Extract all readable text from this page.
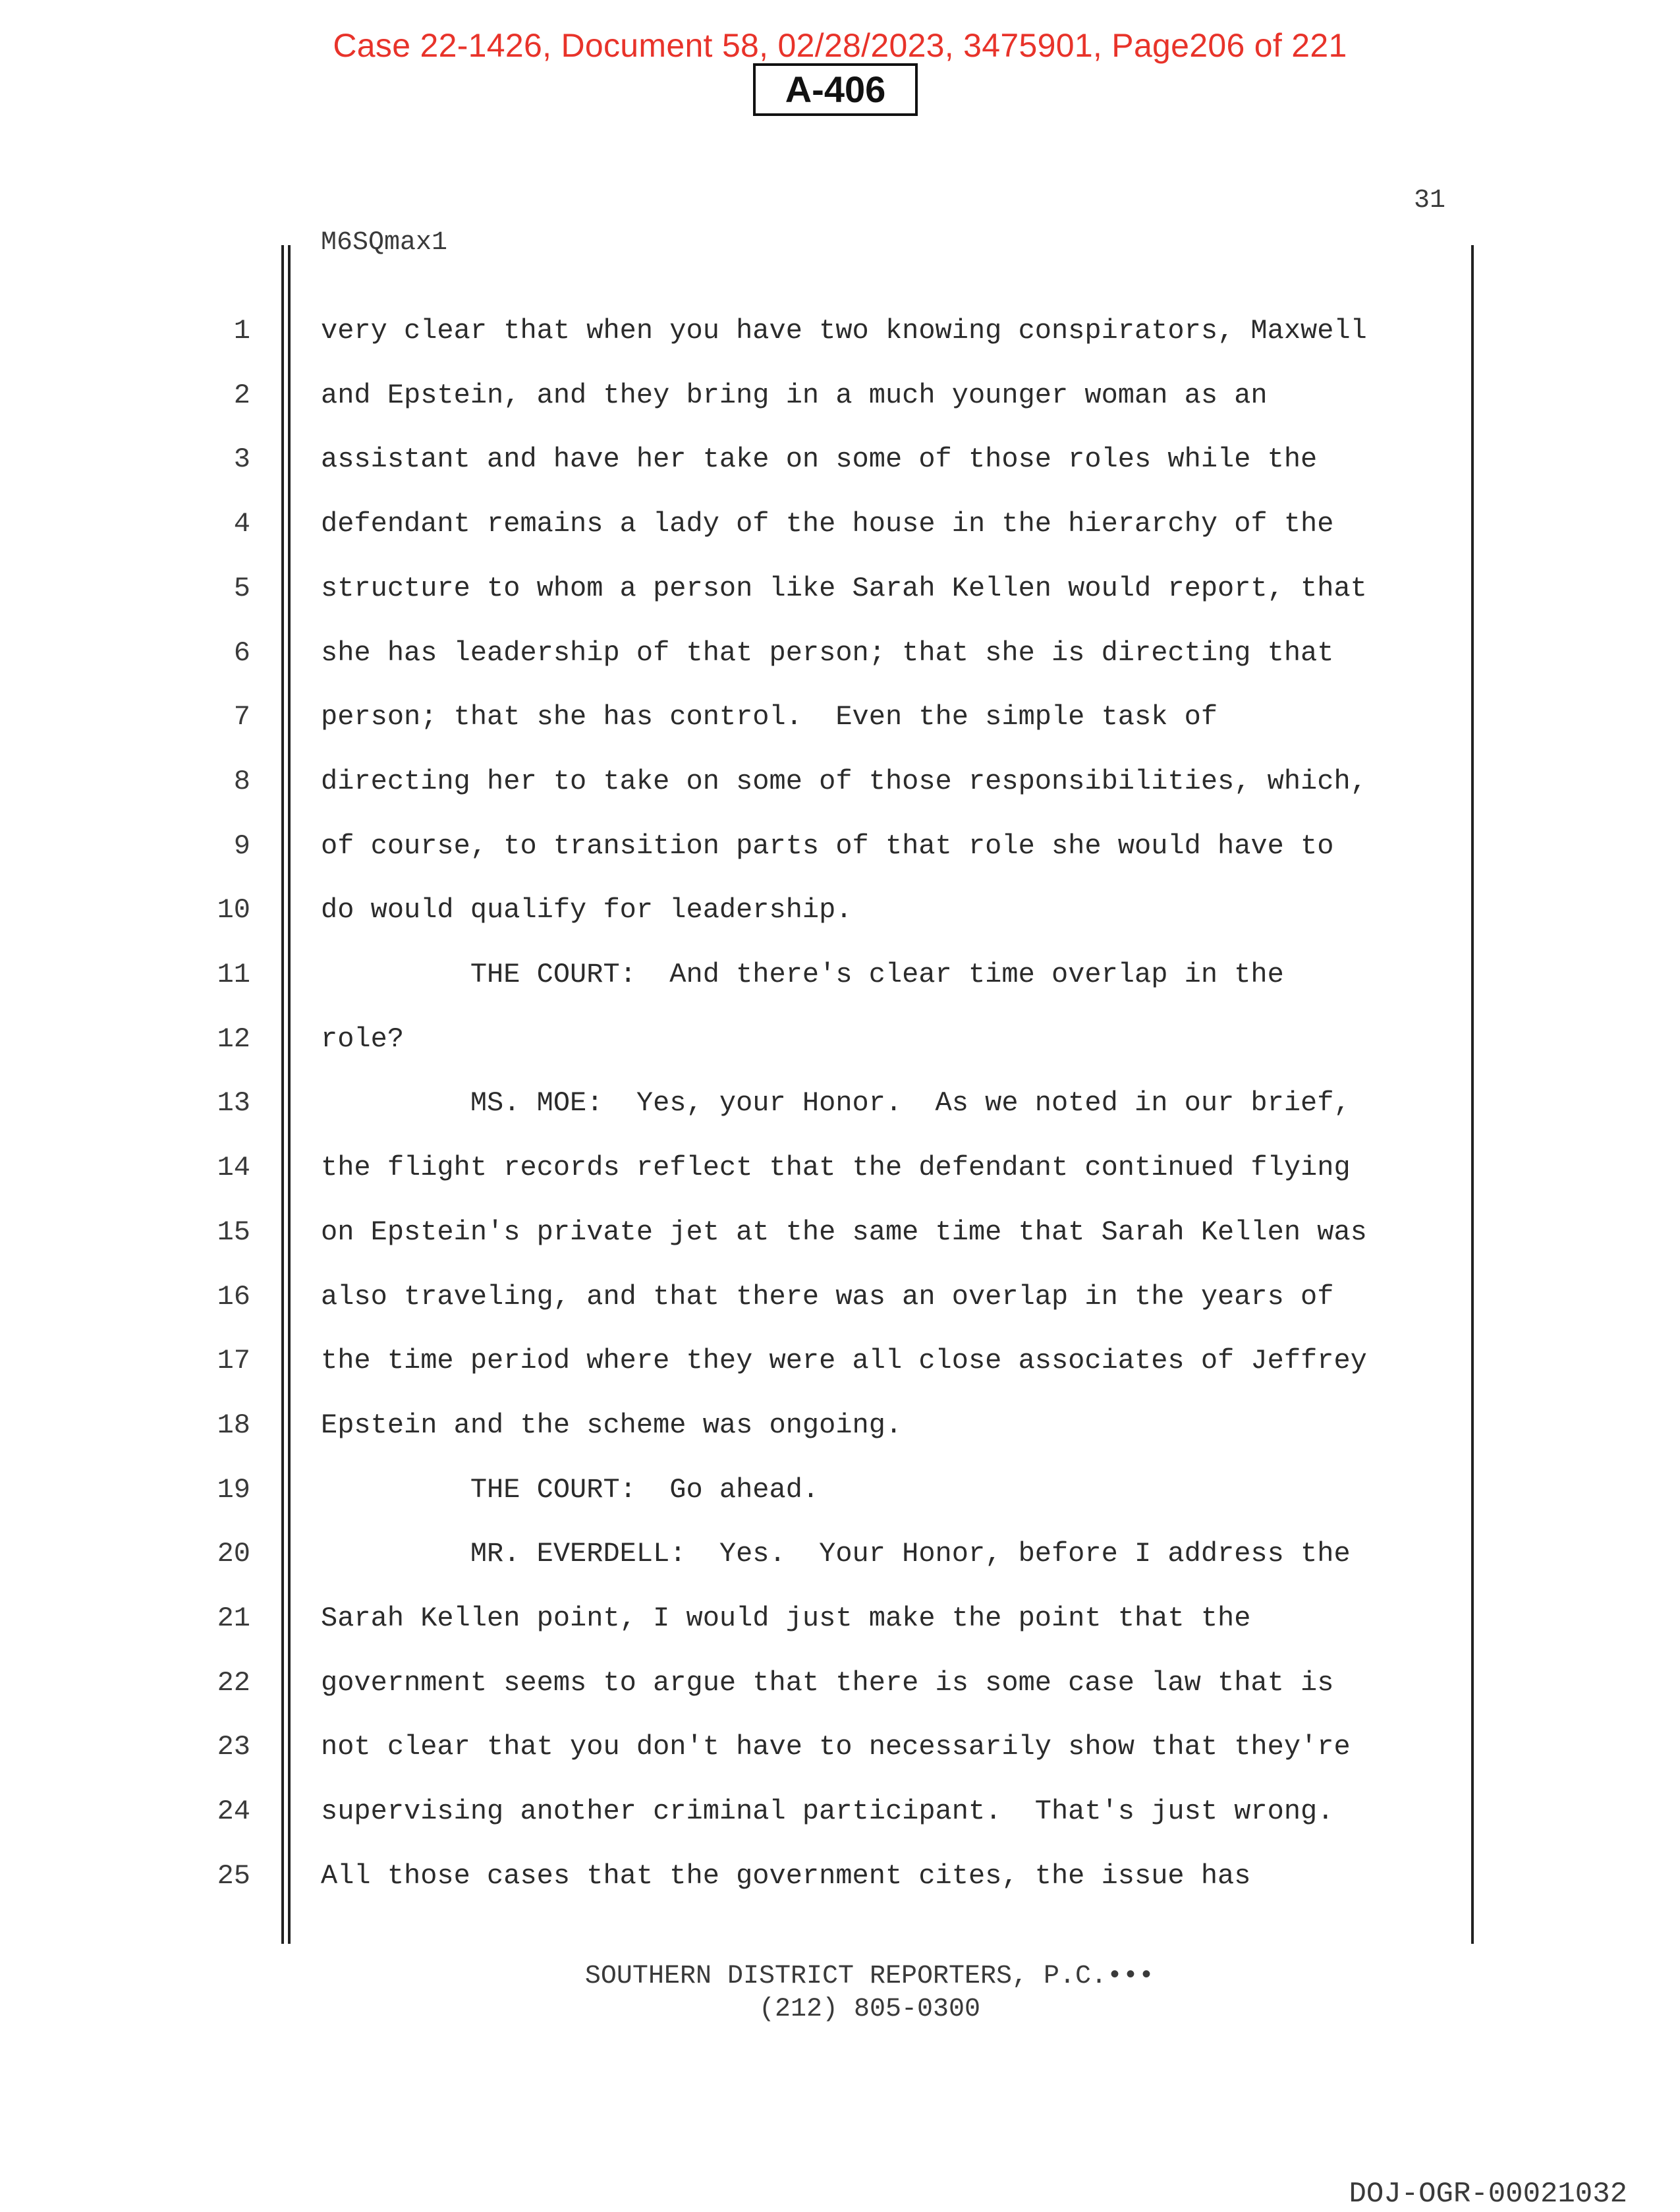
Case 22-1426, Document 58, 02/28/2023, 3475901, Page206 of 221
A-406
31
M6SQmax1
1	very clear that when you have two knowing conspirators, Maxwell
2	and Epstein, and they bring in a much younger woman as an
3	assistant and have her take on some of those roles while the
4	defendant remains a lady of the house in the hierarchy of the
5	structure to whom a person like Sarah Kellen would report, that
6	she has leadership of that person; that she is directing that
7	person; that she has control.  Even the simple task of
8	directing her to take on some of those responsibilities, which,
9	of course, to transition parts of that role she would have to
10	do would qualify for leadership.
11	THE COURT:  And there's clear time overlap in the
12	role?
13	MS. MOE:  Yes, your Honor.  As we noted in our brief,
14	the flight records reflect that the defendant continued flying
15	on Epstein's private jet at the same time that Sarah Kellen was
16	also traveling, and that there was an overlap in the years of
17	the time period where they were all close associates of Jeffrey
18	Epstein and the scheme was ongoing.
19	THE COURT:  Go ahead.
20	MR. EVERDELL:  Yes.  Your Honor, before I address the
21	Sarah Kellen point, I would just make the point that the
22	government seems to argue that there is some case law that is
23	not clear that you don't have to necessarily show that they're
24	supervising another criminal participant.  That's just wrong.
25	All those cases that the government cites, the issue has
SOUTHERN DISTRICT REPORTERS, P.C.•••
(212) 805-0300
DOJ-OGR-00021032
